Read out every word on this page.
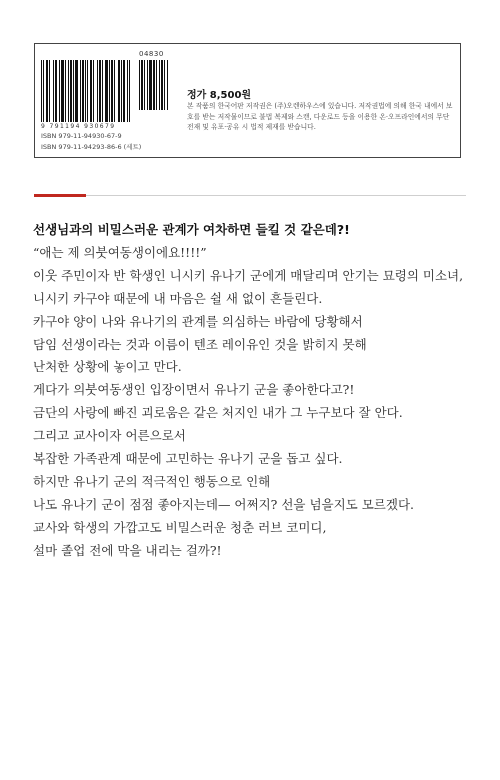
04830
9 791194 930679
ISBN 979-11-94930-67-9
ISBN 979-11-94293-86-6 (세트)
정가 8,500원
본 작품의 한국어판 저작권은 (주)오렌하우스에 있습니다. 저작권법에 의해 한국 내에서 보호를 받는 저작물이므로 불법 복제와 스캔, 다운로드 등을 이용한 온·오프라인에서의 무단 전재 및 유포·공유 시 법적 제재를 받습니다.
선생님과의 비밀스러운 관계가 여차하면 들킬 것 같은데?!
“애는 제 의붓여동생이에요!!!!”
이웃 주민이자 반 학생인 니시키 유나기 군에게 매달리며 안기는 묘령의 미소녀,
니시키 카구야 때문에 내 마음은 쉴 새 없이 흔들린다.
카구야 양이 나와 유나기의 관계를 의심하는 바람에 당황해서
담임 선생이라는 것과 이름이 텐조 레이유인 것을 밝히지 못해
난처한 상황에 놓이고 만다.
게다가 의붓여동생인 입장이면서 유나기 군을 좋아한다고?!
금단의 사랑에 빠진 괴로움은 같은 처지인 내가 그 누구보다 잘 안다.
그리고 교사이자 어른으로서
복잡한 가족관계 때문에 고민하는 유나기 군을 돕고 싶다.
하지만 유나기 군의 적극적인 행동으로 인해
나도 유나기 군이 점점 좋아지는데— 어쩌지? 선을 넘을지도 모르겠다.
교사와 학생의 가깝고도 비밀스러운 청춘 러브 코미디,
설마 졸업 전에 막을 내리는 걸까?!
